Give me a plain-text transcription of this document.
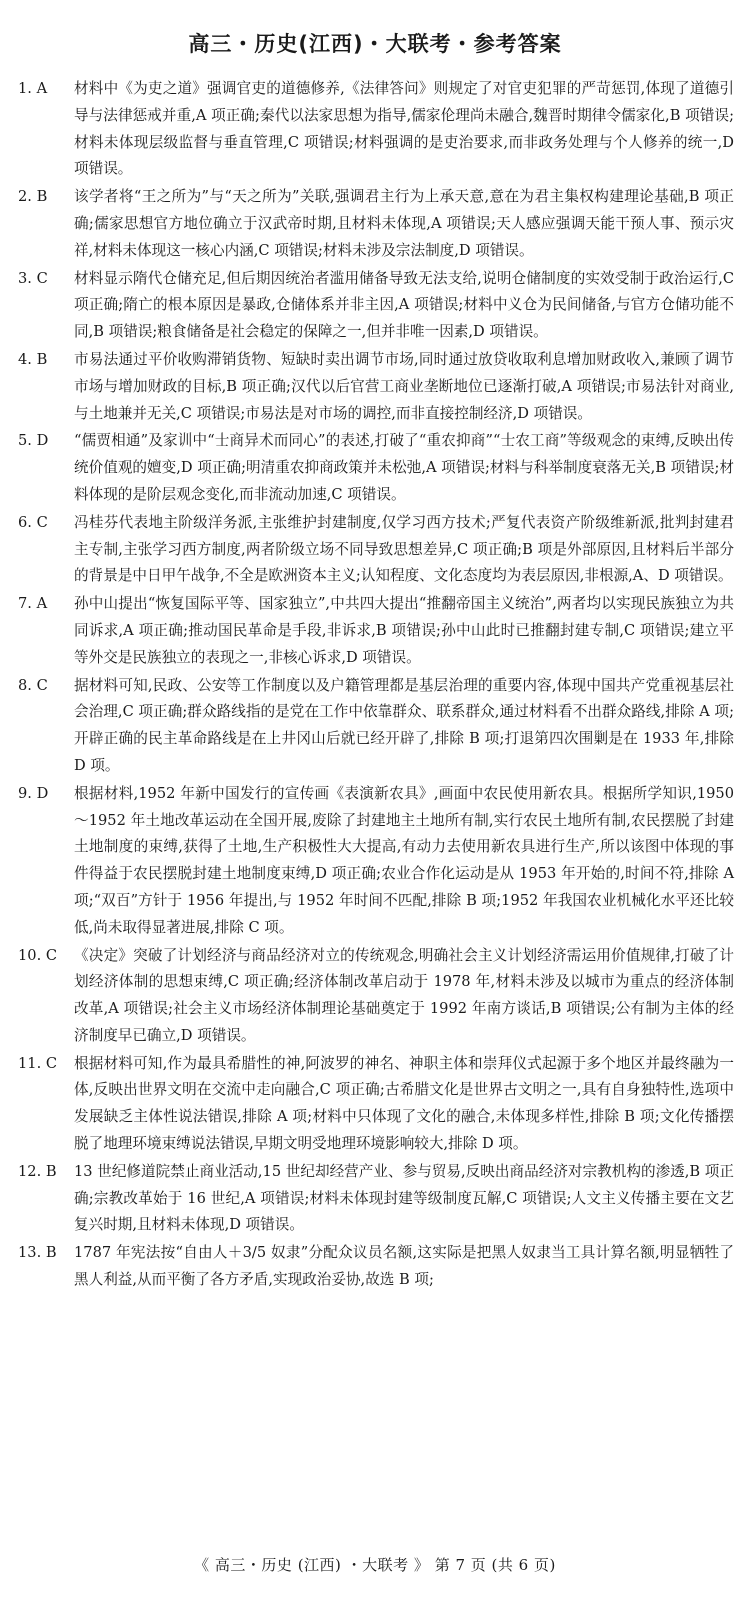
高三・历史(江西)・大联考・参考答案
1. A	材料中《为吏之道》强调官吏的道德修养,《法律答问》则规定了对官吏犯罪的严苛惩罚,体现了道德引导与法律惩戒并重,A 项正确;秦代以法家思想为指导,儒家伦理尚未融合,魏晋时期律令儒家化,B 项错误;材料未体现层级监督与垂直管理,C 项错误;材料强调的是吏治要求,而非政务处理与个人修养的统一,D 项错误。
2. B	该学者将“王之所为”与“天之所为”关联,强调君主行为上承天意,意在为君主集权构建理论基础,B 项正确;儒家思想官方地位确立于汉武帝时期,且材料未体现,A 项错误;天人感应强调天能干预人事、预示灾祥,材料未体现这一核心内涵,C 项错误;材料未涉及宗法制度,D 项错误。
3. C	材料显示隋代仓储充足,但后期因统治者滥用储备导致无法支给,说明仓储制度的实效受制于政治运行,C 项正确;隋亡的根本原因是暴政,仓储体系并非主因,A 项错误;材料中义仓为民间储备,与官方仓储功能不同,B 项错误;粮食储备是社会稳定的保障之一,但并非唯一因素,D 项错误。
4. B	市易法通过平价收购滞销货物、短缺时卖出调节市场,同时通过放贷收取利息增加财政收入,兼顾了调节市场与增加财政的目标,B 项正确;汉代以后官营工商业垄断地位已逐渐打破,A 项错误;市易法针对商业,与土地兼并无关,C 项错误;市易法是对市场的调控,而非直接控制经济,D 项错误。
5. D	“儒贾相通”及家训中“士商异术而同心”的表述,打破了“重农抑商”“士农工商”等级观念的束缚,反映出传统价值观的嬗变,D 项正确;明清重农抑商政策并未松弛,A 项错误;材料与科举制度衰落无关,B 项错误;材料体现的是阶层观念变化,而非流动加速,C 项错误。
6. C	冯桂芬代表地主阶级洋务派,主张维护封建制度,仅学习西方技术;严复代表资产阶级维新派,批判封建君主专制,主张学习西方制度,两者阶级立场不同导致思想差异,C 项正确;B 项是外部原因,且材料后半部分的背景是中日甲午战争,不全是欧洲资本主义;认知程度、文化态度均为表层原因,非根源,A、D 项错误。
7. A	孙中山提出“恢复国际平等、国家独立”,中共四大提出“推翻帝国主义统治”,两者均以实现民族独立为共同诉求,A 项正确;推动国民革命是手段,非诉求,B 项错误;孙中山此时已推翻封建专制,C 项错误;建立平等外交是民族独立的表现之一,非核心诉求,D 项错误。
8. C	据材料可知,民政、公安等工作制度以及户籍管理都是基层治理的重要内容,体现中国共产党重视基层社会治理,C 项正确;群众路线指的是党在工作中依靠群众、联系群众,通过材料看不出群众路线,排除 A 项;开辟正确的民主革命路线是在上井冈山后就已经开辟了,排除 B 项;打退第四次围剿是在 1933 年,排除 D 项。
9. D	根据材料,1952 年新中国发行的宣传画《表演新农具》,画面中农民使用新农具。根据所学知识,1950～1952 年土地改革运动在全国开展,废除了封建地主土地所有制,实行农民土地所有制,农民摆脱了封建土地制度的束缚,获得了土地,生产积极性大大提高,有动力去使用新农具进行生产,所以该图中体现的事件得益于农民摆脱封建土地制度束缚,D 项正确;农业合作化运动是从 1953 年开始的,时间不符,排除 A 项;“双百”方针于 1956 年提出,与 1952 年时间不匹配,排除 B 项;1952 年我国农业机械化水平还比较低,尚未取得显著进展,排除 C 项。
10. C	《决定》突破了计划经济与商品经济对立的传统观念,明确社会主义计划经济需运用价值规律,打破了计划经济体制的思想束缚,C 项正确;经济体制改革启动于 1978 年,材料未涉及以城市为重点的经济体制改革,A 项错误;社会主义市场经济体制理论基础奠定于 1992 年南方谈话,B 项错误;公有制为主体的经济制度早已确立,D 项错误。
11. C	根据材料可知,作为最具希腊性的神,阿波罗的神名、神职主体和崇拜仪式起源于多个地区并最终融为一体,反映出世界文明在交流中走向融合,C 项正确;古希腊文化是世界古文明之一,具有自身独特性,选项中发展缺乏主体性说法错误,排除 A 项;材料中只体现了文化的融合,未体现多样性,排除 B 项;文化传播摆脱了地理环境束缚说法错误,早期文明受地理环境影响较大,排除 D 项。
12. B	13 世纪修道院禁止商业活动,15 世纪却经营产业、参与贸易,反映出商品经济对宗教机构的渗透,B 项正确;宗教改革始于 16 世纪,A 项错误;材料未体现封建等级制度瓦解,C 项错误;人文主义传播主要在文艺复兴时期,且材料未体现,D 项错误。
13. B	1787 年宪法按“自由人＋3/5 奴隶”分配众议员名额,这实际是把黑人奴隶当工具计算名额,明显牺牲了黑人利益,从而平衡了各方矛盾,实现政治妥协,故选 B 项;
《 高三・历史 (江西) ・大联考 》 第 7 页 (共 6 页)
